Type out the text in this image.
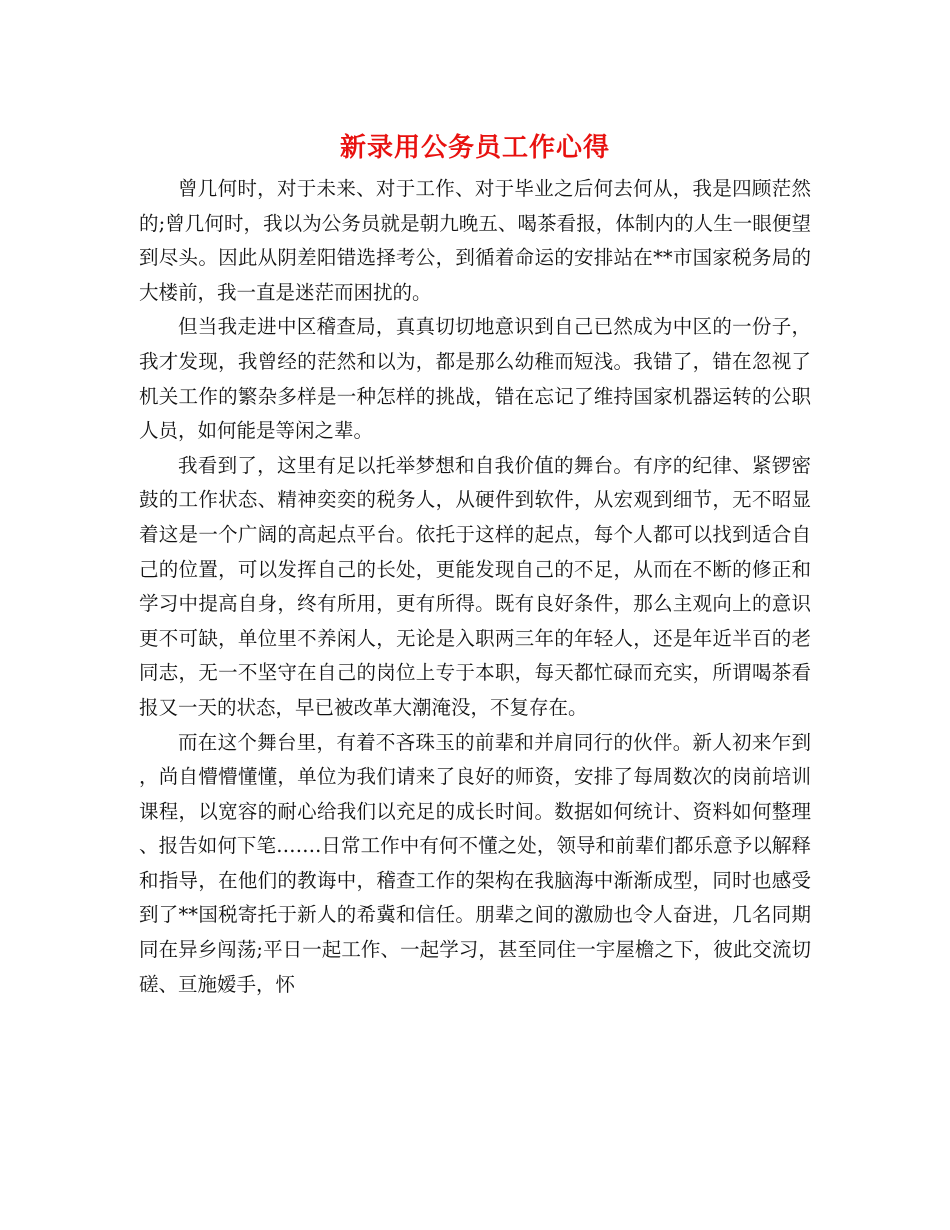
新录用公务员工作心得

曾几何时，对于未来、对于工作、对于毕业之后何去何从，我是四顾茫然的;曾几何时，我以为公务员就是朝九晚五、喝茶看报，体制内的人生一眼便望到尽头。因此从阴差阳错选择考公，到循着命运的安排站在**市国家税务局的大楼前，我一直是迷茫而困扰的。

但当我走进中区稽查局，真真切切地意识到自己已然成为中区的一份子，我才发现，我曾经的茫然和以为，都是那么幼稚而短浅。我错了，错在忽视了机关工作的繁杂多样是一种怎样的挑战，错在忘记了维持国家机器运转的公职人员，如何能是等闲之辈。

我看到了，这里有足以托举梦想和自我价值的舞台。有序的纪律、紧锣密鼓的工作状态、精神奕奕的税务人，从硬件到软件，从宏观到细节，无不昭显着这是一个广阔的高起点平台。依托于这样的起点，每个人都可以找到适合自己的位置，可以发挥自己的长处，更能发现自己的不足，从而在不断的修正和学习中提高自身，终有所用，更有所得。既有良好条件，那么主观向上的意识更不可缺，单位里不养闲人，无论是入职两三年的年轻人，还是年近半百的老同志，无一不坚守在自己的岗位上专于本职，每天都忙碌而充实，所谓喝茶看报又一天的状态，早已被改革大潮淹没，不复存在。

而在这个舞台里，有着不吝珠玉的前辈和并肩同行的伙伴。新人初来乍到，尚自懵懵懂懂，单位为我们请来了良好的师资，安排了每周数次的岗前培训课程，以宽容的耐心给我们以充足的成长时间。数据如何统计、资料如何整理、报告如何下笔…….日常工作中有何不懂之处，领导和前辈们都乐意予以解释和指导，在他们的教诲中，稽查工作的架构在我脑海中渐渐成型，同时也感受到了**国税寄托于新人的希冀和信任。朋辈之间的激励也令人奋进，几名同期同在异乡闯荡;平日一起工作、一起学习，甚至同住一宇屋檐之下，彼此交流切磋、亘施嫒手，怀
